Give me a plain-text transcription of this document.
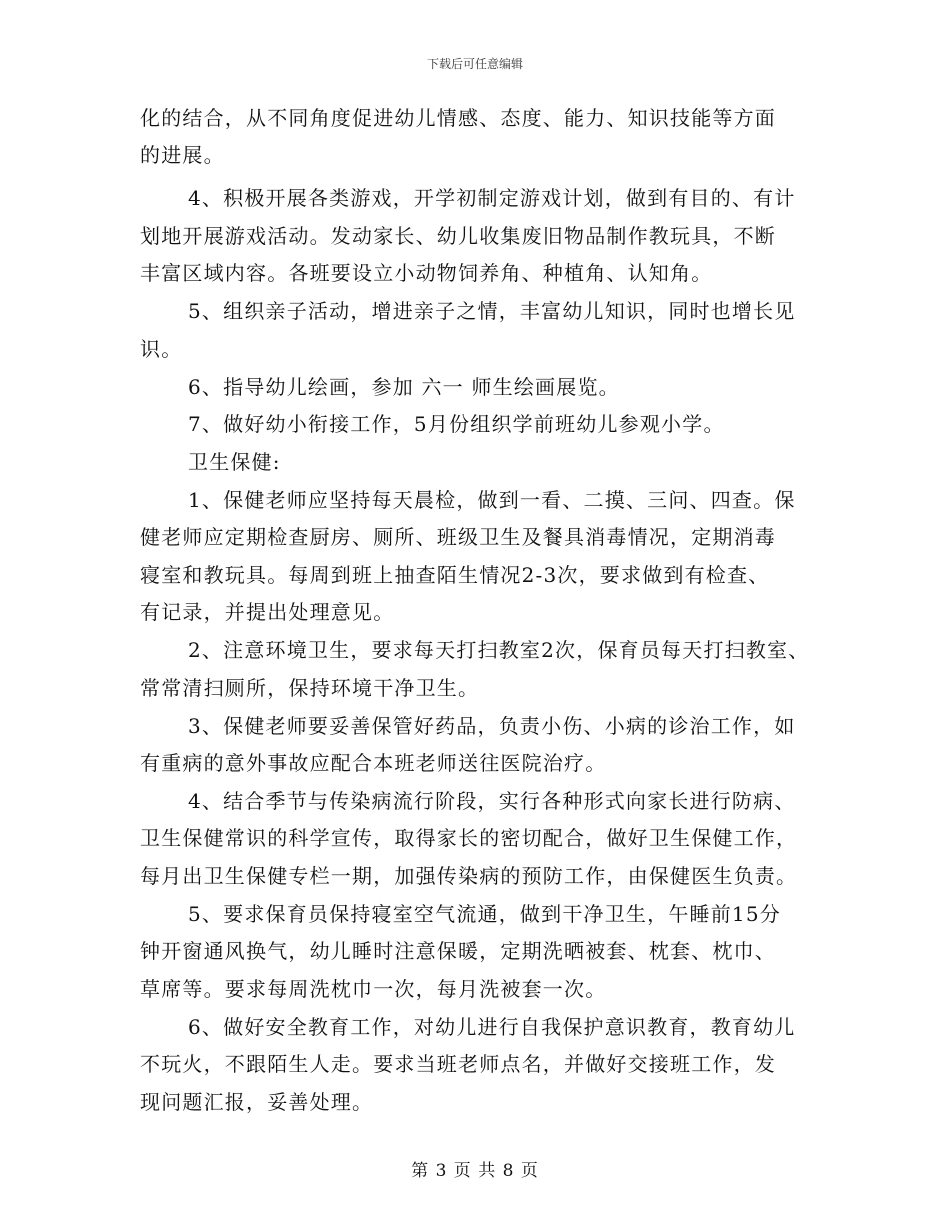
下载后可任意编辑
化的结合，从不同角度促进幼儿情感、态度、能力、知识技能等方面
的进展。
4、积极开展各类游戏，开学初制定游戏计划，做到有目的、有计
划地开展游戏活动。发动家长、幼儿收集废旧物品制作教玩具，不断
丰富区域内容。各班要设立小动物饲养角、种植角、认知角。
5、组织亲子活动，增进亲子之情，丰富幼儿知识，同时也增长见
识。
6、指导幼儿绘画，参加 六一 师生绘画展览。
7、做好幼小衔接工作，5月份组织学前班幼儿参观小学。
卫生保健:
1、保健老师应坚持每天晨检，做到一看、二摸、三问、四查。保
健老师应定期检查厨房、厕所、班级卫生及餐具消毒情况，定期消毒
寝室和教玩具。每周到班上抽查陌生情况2-3次，要求做到有检查、
有记录，并提出处理意见。
2、注意环境卫生，要求每天打扫教室2次，保育员每天打扫教室、
常常清扫厕所，保持环境干净卫生。
3、保健老师要妥善保管好药品，负责小伤、小病的诊治工作，如
有重病的意外事故应配合本班老师送往医院治疗。
4、结合季节与传染病流行阶段，实行各种形式向家长进行防病、
卫生保健常识的科学宣传，取得家长的密切配合，做好卫生保健工作，
每月出卫生保健专栏一期，加强传染病的预防工作，由保健医生负责。
5、要求保育员保持寝室空气流通，做到干净卫生，午睡前15分
钟开窗通风换气，幼儿睡时注意保暖，定期洗晒被套、枕套、枕巾、
草席等。要求每周洗枕巾一次，每月洗被套一次。
6、做好安全教育工作，对幼儿进行自我保护意识教育，教育幼儿
不玩火，不跟陌生人走。要求当班老师点名，并做好交接班工作，发
现问题汇报，妥善处理。
第 3 页 共 8 页
